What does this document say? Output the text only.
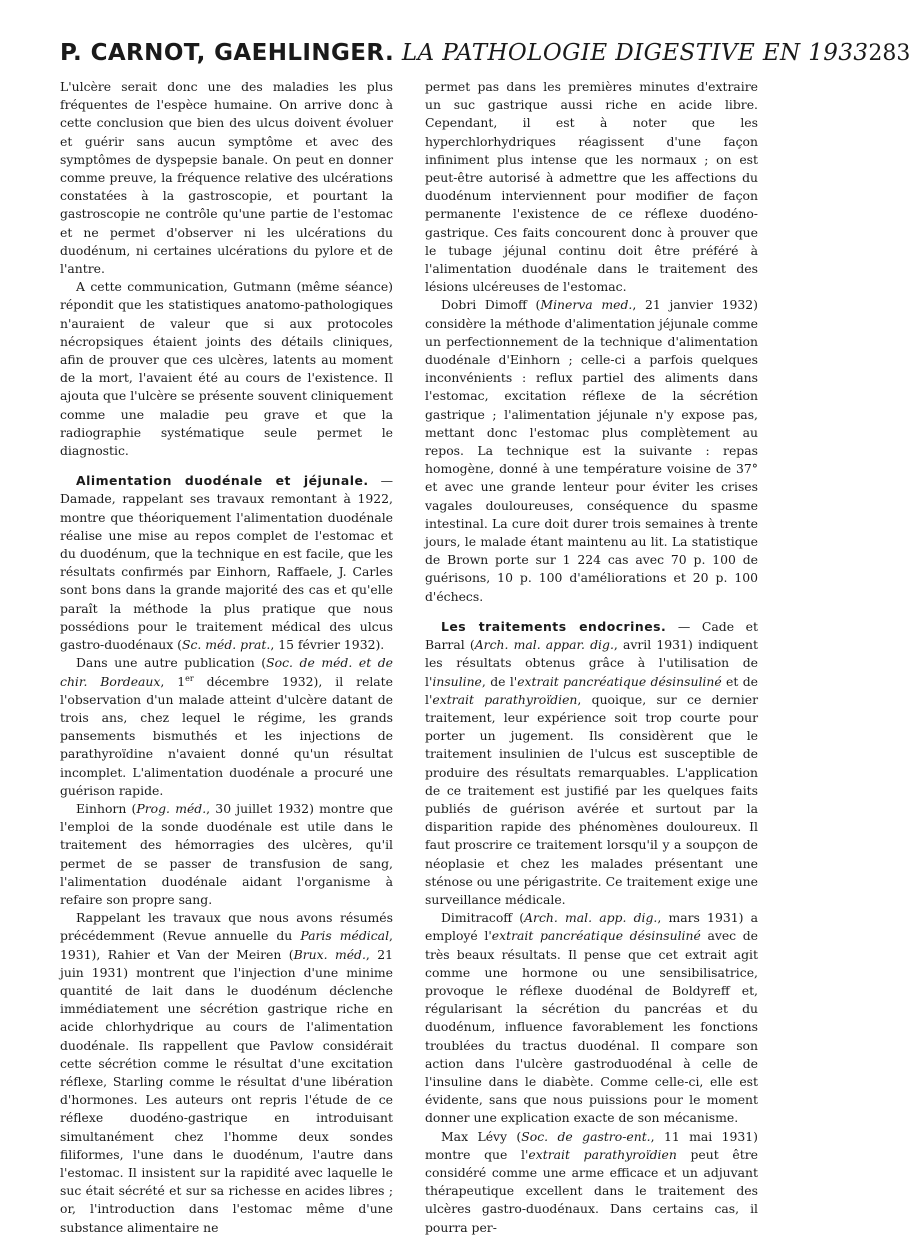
P. CARNOT, GAEHLINGER. LA PATHOLOGIE DIGESTIVE EN 1933 283

L'ulcère serait donc une des maladies les plus fréquentes de l'espèce humaine. On arrive donc à cette conclusion que bien des ulcus doivent évoluer et guérir sans aucun symptôme et avec des symptômes de dyspepsie banale. On peut en donner comme preuve, la fréquence relative des ulcérations constatées à la gastroscopie, et pourtant la gastroscopie ne contrôle qu'une partie de l'estomac et ne permet d'observer ni les ulcérations du duodénum, ni certaines ulcérations du pylore et de l'antre.

A cette communication, Gutmann (même séance) répondit que les statistiques anatomo-pathologiques n'auraient de valeur que si aux protocoles nécropsiques étaient joints des détails cliniques, afin de prouver que ces ulcères, latents au moment de la mort, l'avaient été au cours de l'existence. Il ajouta que l'ulcère se présente souvent cliniquement comme une maladie peu grave et que la radiographie systématique seule permet le diagnostic.

Alimentation duodénale et jéjunale. — Damade, rappelant ses travaux remontant à 1922, montre que théoriquement l'alimentation duodénale réalise une mise au repos complet de l'estomac et du duodénum, que la technique en est facile, que les résultats confirmés par Einhorn, Raffaele, J. Carles sont bons dans la grande majorité des cas et qu'elle paraît la méthode la plus pratique que nous possédions pour le traitement médical des ulcus gastro-duodénaux (Sc. méd. prat., 15 février 1932).

Dans une autre publication (Soc. de méd. et de chir. Bordeaux, 1er décembre 1932), il relate l'observation d'un malade atteint d'ulcère datant de trois ans, chez lequel le régime, les grands pansements bismuthés et les injections de parathyroïdine n'avaient donné qu'un résultat incomplet. L'alimentation duodénale a procuré une guérison rapide.

Einhorn (Prog. méd., 30 juillet 1932) montre que l'emploi de la sonde duodénale est utile dans le traitement des hémorragies des ulcères, qu'il permet de se passer de transfusion de sang, l'alimentation duodénale aidant l'organisme à refaire son propre sang.

Rappelant les travaux que nous avons résumés précédemment (Revue annuelle du Paris médical, 1931), Rahier et Van der Meiren (Brux. méd., 21 juin 1931) montrent que l'injection d'une minime quantité de lait dans le duodénum déclenche immédiatement une sécrétion gastrique riche en acide chlorhydrique au cours de l'alimentation duodénale. Ils rappellent que Pavlow considérait cette sécrétion comme le résultat d'une excitation réflexe, Starling comme le résultat d'une libération d'hormones. Les auteurs ont repris l'étude de ce réflexe duodéno-gastrique en introduisant simultanément chez l'homme deux sondes filiformes, l'une dans le duodénum, l'autre dans l'estomac. Il insistent sur la rapidité avec laquelle le suc était sécrété et sur sa richesse en acides libres ; or, l'introduction dans l'estomac même d'une substance alimentaire ne

permet pas dans les premières minutes d'extraire un suc gastrique aussi riche en acide libre. Cependant, il est à noter que les hyperchlorhydriques réagissent d'une façon infiniment plus intense que les normaux ; on est peut-être autorisé à admettre que les affections du duodénum interviennent pour modifier de façon permanente l'existence de ce réflexe duodéno-gastrique. Ces faits concourent donc à prouver que le tubage jéjunal continu doit être préféré à l'alimentation duodénale dans le traitement des lésions ulcéreuses de l'estomac.

Dobri Dimoff (Minerva med., 21 janvier 1932) considère la méthode d'alimentation jéjunale comme un perfectionnement de la technique d'alimentation duodénale d'Einhorn ; celle-ci a parfois quelques inconvénients : reflux partiel des aliments dans l'estomac, excitation réflexe de la sécrétion gastrique ; l'alimentation jéjunale n'y expose pas, mettant donc l'estomac plus complètement au repos. La technique est la suivante : repas homogène, donné à une température voisine de 37° et avec une grande lenteur pour éviter les crises vagales douloureuses, conséquence du spasme intestinal. La cure doit durer trois semaines à trente jours, le malade étant maintenu au lit. La statistique de Brown porte sur 1 224 cas avec 70 p. 100 de guérisons, 10 p. 100 d'améliorations et 20 p. 100 d'échecs.

Les traitements endocrines. — Cade et Barral (Arch. mal. appar. dig., avril 1931) indiquent les résultats obtenus grâce à l'utilisation de l'insuline, de l'extrait pancréatique désinsuliné et de l'extrait parathyroïdien, quoique, sur ce dernier traitement, leur expérience soit trop courte pour porter un jugement. Ils considèrent que le traitement insulinien de l'ulcus est susceptible de produire des résultats remarquables. L'application de ce traitement est justifié par les quelques faits publiés de guérison avérée et surtout par la disparition rapide des phénomènes douloureux. Il faut proscrire ce traitement lorsqu'il y a soupçon de néoplasie et chez les malades présentant une sténose ou une périgastrite. Ce traitement exige une surveillance médicale.

Dimitracoff (Arch. mal. app. dig., mars 1931) a employé l'extrait pancréatique désinsuliné avec de très beaux résultats. Il pense que cet extrait agit comme une hormone ou une sensibilisatrice, provoque le réflexe duodénal de Boldyreff et, régularisant la sécrétion du pancréas et du duodénum, influence favorablement les fonctions troublées du tractus duodénal. Il compare son action dans l'ulcère gastroduodénal à celle de l'insuline dans le diabète. Comme celle-ci, elle est évidente, sans que nous puissions pour le moment donner une explication exacte de son mécanisme.

Max Lévy (Soc. de gastro-ent., 11 mai 1931) montre que l'extrait parathyroïdien peut être considéré comme une arme efficace et un adjuvant thérapeutique excellent dans le traitement des ulcères gastro-duodénaux. Dans certains cas, il pourra per-
